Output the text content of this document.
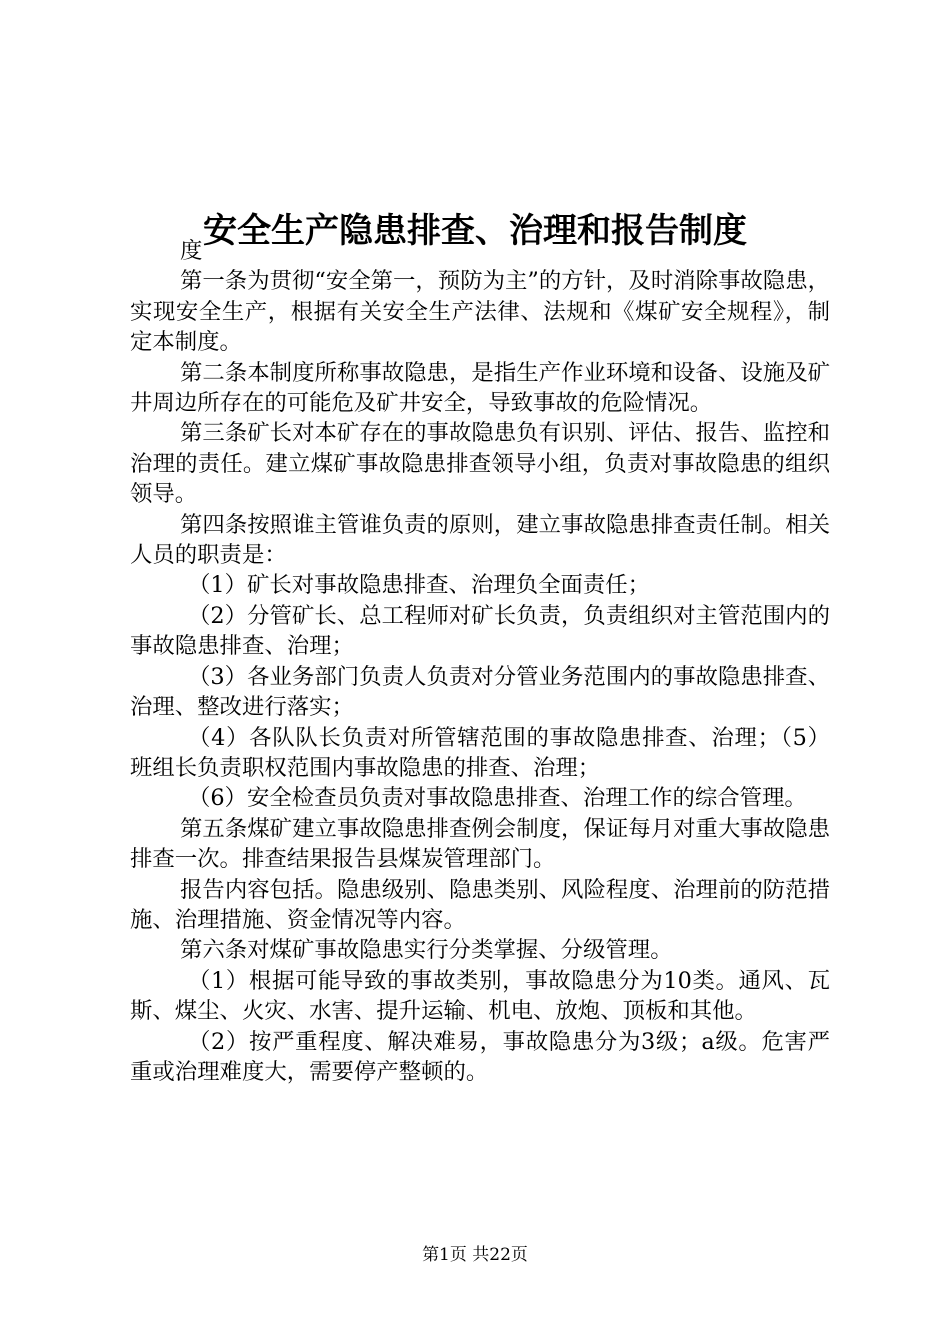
安全生产隐患排查、治理和报告制度

度

第一条为贯彻“安全第一，预防为主”的方针，及时消除事故隐患，实现安全生产，根据有关安全生产法律、法规和《煤矿安全规程》，制定本制度。

第二条本制度所称事故隐患，是指生产作业环境和设备、设施及矿井周边所存在的可能危及矿井安全，导致事故的危险情况。

第三条矿长对本矿存在的事故隐患负有识别、评估、报告、监控和治理的责任。建立煤矿事故隐患排查领导小组，负责对事故隐患的组织领导。

第四条按照谁主管谁负责的原则，建立事故隐患排查责任制。相关人员的职责是：

（1）矿长对事故隐患排查、治理负全面责任；

（2）分管矿长、总工程师对矿长负责，负责组织对主管范围内的事故隐患排查、治理；

（3）各业务部门负责人负责对分管业务范围内的事故隐患排查、治理、整改进行落实；

（4）各队队长负责对所管辖范围的事故隐患排查、治理；（5）班组长负责职权范围内事故隐患的排查、治理；

（6）安全检查员负责对事故隐患排查、治理工作的综合管理。

第五条煤矿建立事故隐患排查例会制度，保证每月对重大事故隐患排查一次。排查结果报告县煤炭管理部门。

报告内容包括。隐患级别、隐患类别、风险程度、治理前的防范措施、治理措施、资金情况等内容。

第六条对煤矿事故隐患实行分类掌握、分级管理。

（1）根据可能导致的事故类别，事故隐患分为10类。通风、瓦斯、煤尘、火灾、水害、提升运输、机电、放炮、顶板和其他。

（2）按严重程度、解决难易，事故隐患分为3级；a级。危害严重或治理难度大，需要停产整顿的。

第1页 共22页
